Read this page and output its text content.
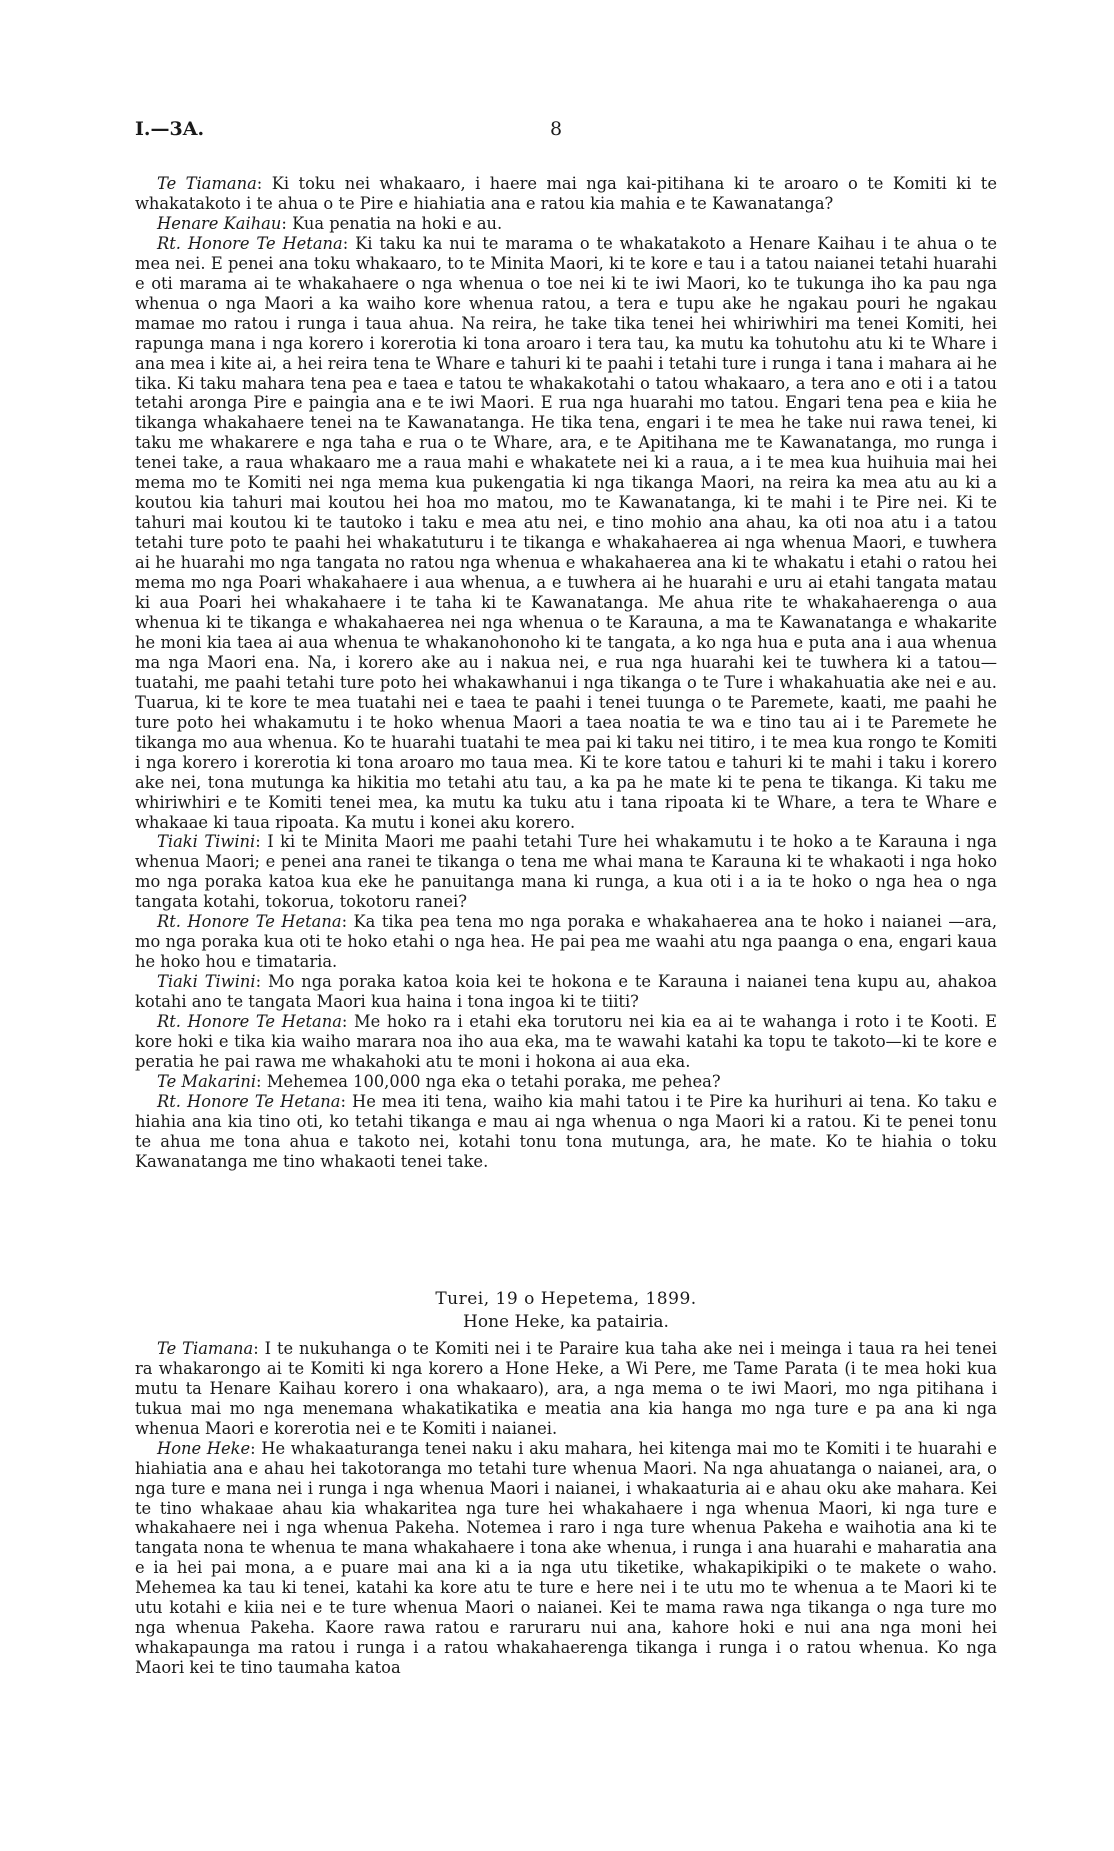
I.—3A.	8

Te Tiamana: Ki toku nei whakaaro, i haere mai nga kai-pitihana ki te aroaro o te Komiti ki te whakatakoto i te ahua o te Pire e hiahiatia ana e ratou kia mahia e te Kawanatanga?

Henare Kaihau: Kua penatia na hoki e au.

Rt. Honore Te Hetana: Ki taku ka nui te marama o te whakatakoto a Henare Kaihau i te ahua o te mea nei. E penei ana toku whakaaro, to te Minita Maori, ki te kore e tau i a tatou naianei tetahi huarahi e oti marama ai te whakahaere o nga whenua o toe nei ki te iwi Maori, ko te tukunga iho ka pau nga whenua o nga Maori a ka waiho kore whenua ratou, a tera e tupu ake he ngakau pouri he ngakau mamae mo ratou i runga i taua ahua. Na reira, he take tika tenei hei whiriwhiri ma tenei Komiti, hei rapunga mana i nga korero i korerotia ki tona aroaro i tera tau, ka mutu ka tohutohu atu ki te Whare i ana mea i kite ai, a hei reira tena te Whare e tahuri ki te paahi i tetahi ture i runga i tana i mahara ai he tika. Ki taku mahara tena pea e taea e tatou te whakakotahi o tatou whakaaro, a tera ano e oti i a tatou tetahi aronga Pire e paingia ana e te iwi Maori. E rua nga huarahi mo tatou. Engari tena pea e kiia he tikanga whakahaere tenei na te Kawanatanga. He tika tena, engari i te mea he take nui rawa tenei, ki taku me whakarere e nga taha e rua o te Whare, ara, e te Apitihana me te Kawanatanga, mo runga i tenei take, a raua whakaaro me a raua mahi e whakatete nei ki a raua, a i te mea kua huihuia mai hei mema mo te Komiti nei nga mema kua pukengatia ki nga tikanga Maori, na reira ka mea atu au ki a koutou kia tahuri mai koutou hei hoa mo matou, mo te Kawanatanga, ki te mahi i te Pire nei. Ki te tahuri mai koutou ki te tautoko i taku e mea atu nei, e tino mohio ana ahau, ka oti noa atu i a tatou tetahi ture poto te paahi hei whakatuturu i te tikanga e whakahaerea ai nga whenua Maori, e tuwhera ai he huarahi mo nga tangata no ratou nga whenua e whakahaerea ana ki te whakatu i etahi o ratou hei mema mo nga Poari whakahaere i aua whenua, a e tuwhera ai he huarahi e uru ai etahi tangata matau ki aua Poari hei whakahaere i te taha ki te Kawanatanga. Me ahua rite te whakahaerenga o aua whenua ki te tikanga e whakahaerea nei nga whenua o te Karauna, a ma te Kawanatanga e whakarite he moni kia taea ai aua whenua te whakanohonoho ki te tangata, a ko nga hua e puta ana i aua whenua ma nga Maori ena. Na, i korero ake au i nakua nei, e rua nga huarahi kei te tuwhera ki a tatou—tuatahi, me paahi tetahi ture poto hei whakawhanui i nga tikanga o te Ture i whakahuatia ake nei e au. Tuarua, ki te kore te mea tuatahi nei e taea te paahi i tenei tuunga o te Paremete, kaati, me paahi he ture poto hei whakamutu i te hoko whenua Maori a taea noatia te wa e tino tau ai i te Paremete he tikanga mo aua whenua. Ko te huarahi tuatahi te mea pai ki taku nei titiro, i te mea kua rongo te Komiti i nga korero i korerotia ki tona aroaro mo taua mea. Ki te kore tatou e tahuri ki te mahi i taku i korero ake nei, tona mutunga ka hikitia mo tetahi atu tau, a ka pa he mate ki te pena te tikanga. Ki taku me whiriwhiri e te Komiti tenei mea, ka mutu ka tuku atu i tana ripoata ki te Whare, a tera te Whare e whakaae ki taua ripoata. Ka mutu i konei aku korero.

Tiaki Tiwini: I ki te Minita Maori me paahi tetahi Ture hei whakamutu i te hoko a te Karauna i nga whenua Maori; e penei ana ranei te tikanga o tena me whai mana te Karauna ki te whakaoti i nga hoko mo nga poraka katoa kua eke he panuitanga mana ki runga, a kua oti i a ia te hoko o nga hea o nga tangata kotahi, tokorua, tokotoru ranei?

Rt. Honore Te Hetana: Ka tika pea tena mo nga poraka e whakahaerea ana te hoko i naianei —ara, mo nga poraka kua oti te hoko etahi o nga hea. He pai pea me waahi atu nga paanga o ena, engari kaua he hoko hou e timataria.

Tiaki Tiwini: Mo nga poraka katoa koia kei te hokona e te Karauna i naianei tena kupu au, ahakoa kotahi ano te tangata Maori kua haina i tona ingoa ki te tiiti?

Rt. Honore Te Hetana: Me hoko ra i etahi eka torutoru nei kia ea ai te wahanga i roto i te Kooti. E kore hoki e tika kia waiho marara noa iho aua eka, ma te wawahi katahi ka topu te takoto—ki te kore e peratia he pai rawa me whakahoki atu te moni i hokona ai aua eka.

Te Makarini: Mehemea 100,000 nga eka o tetahi poraka, me pehea?

Rt. Honore Te Hetana: He mea iti tena, waiho kia mahi tatou i te Pire ka hurihuri ai tena. Ko taku e hiahia ana kia tino oti, ko tetahi tikanga e mau ai nga whenua o nga Maori ki a ratou. Ki te penei tonu te ahua me tona ahua e takoto nei, kotahi tonu tona mutunga, ara, he mate. Ko te hiahia o toku Kawanatanga me tino whakaoti tenei take.

Turei, 19 o Hepetema, 1899.
Hone Heke, ka patairia.

Te Tiamana: I te nukuhanga o te Komiti nei i te Paraire kua taha ake nei i meinga i taua ra hei tenei ra whakarongo ai te Komiti ki nga korero a Hone Heke, a Wi Pere, me Tame Parata (i te mea hoki kua mutu ta Henare Kaihau korero i ona whakaaro), ara, a nga mema o te iwi Maori, mo nga pitihana i tukua mai mo nga menemana whakatikatika e meatia ana kia hanga mo nga ture e pa ana ki nga whenua Maori e korerotia nei e te Komiti i naianei.

Hone Heke: He whakaaturanga tenei naku i aku mahara, hei kitenga mai mo te Komiti i te huarahi e hiahiatia ana e ahau hei takotoranga mo tetahi ture whenua Maori. Na nga ahuatanga o naianei, ara, o nga ture e mana nei i runga i nga whenua Maori i naianei, i whakaaturia ai e ahau oku ake mahara. Kei te tino whakaae ahau kia whakaritea nga ture hei whakahaere i nga whenua Maori, ki nga ture e whakahaere nei i nga whenua Pakeha. Notemea i raro i nga ture whenua Pakeha e waihotia ana ki te tangata nona te whenua te mana whakahaere i tona ake whenua, i runga i ana huarahi e maharatia ana e ia hei pai mona, a e puare mai ana ki a ia nga utu tiketike, whakapikipiki o te makete o waho. Mehemea ka tau ki tenei, katahi ka kore atu te ture e here nei i te utu mo te whenua a te Maori ki te utu kotahi e kiia nei e te ture whenua Maori o naianei. Kei te mama rawa nga tikanga o nga ture mo nga whenua Pakeha. Kaore rawa ratou e raruraru nui ana, kahore hoki e nui ana nga moni hei whakapaunga ma ratou i runga i a ratou whakahaerenga tikanga i runga i o ratou whenua. Ko nga Maori kei te tino taumaha katoa
